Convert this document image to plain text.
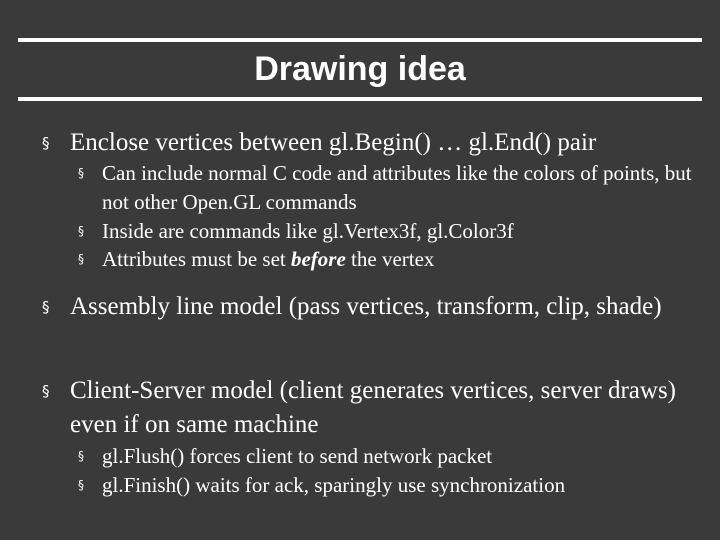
Drawing idea
§ Enclose vertices between gl.Begin() … gl.End() pair
§ Can include normal C code and attributes like the colors of points, but not other Open.GL commands
§ Inside are commands like gl.Vertex3f, gl.Color3f
§ Attributes must be set before the vertex
§ Assembly line model (pass vertices, transform, clip, shade)
§ Client-Server model (client generates vertices, server draws) even if on same machine
§ gl.Flush() forces client to send network packet
§ gl.Finish() waits for ack, sparingly use synchronization
